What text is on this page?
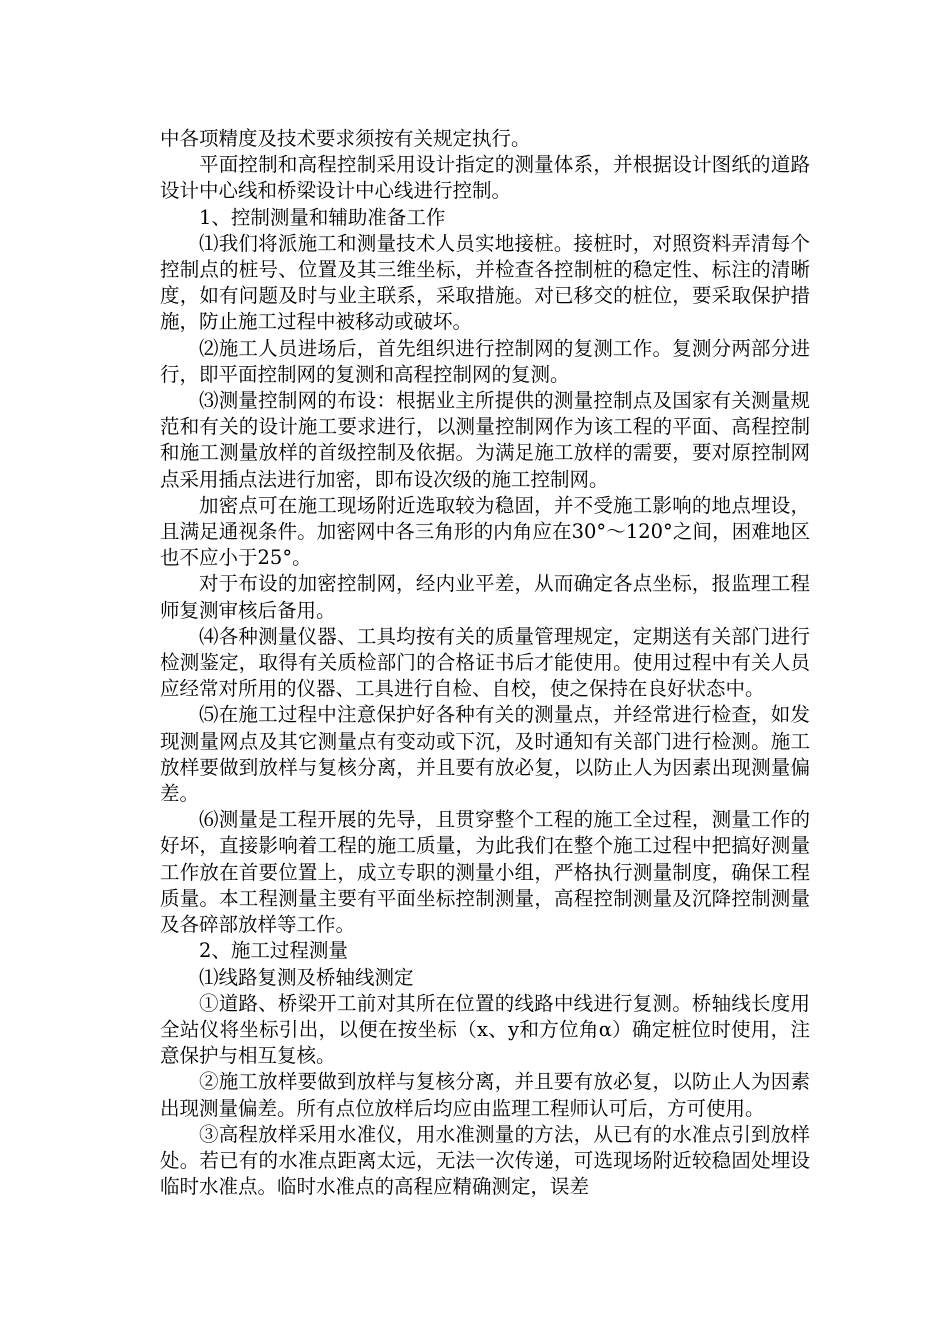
中各项精度及技术要求须按有关规定执行。

平面控制和高程控制采用设计指定的测量体系，并根据设计图纸的道路设计中心线和桥梁设计中心线进行控制。

1、控制测量和辅助准备工作

⑴我们将派施工和测量技术人员实地接桩。接桩时，对照资料弄清每个控制点的桩号、位置及其三维坐标，并检查各控制桩的稳定性、标注的清晰度，如有问题及时与业主联系，采取措施。对已移交的桩位，要采取保护措施，防止施工过程中被移动或破坏。

⑵施工人员进场后，首先组织进行控制网的复测工作。复测分两部分进行，即平面控制网的复测和高程控制网的复测。

⑶测量控制网的布设：根据业主所提供的测量控制点及国家有关测量规范和有关的设计施工要求进行，以测量控制网作为该工程的平面、高程控制和施工测量放样的首级控制及依据。为满足施工放样的需要，要对原控制网点采用插点法进行加密，即布设次级的施工控制网。

加密点可在施工现场附近选取较为稳固，并不受施工影响的地点埋设，且满足通视条件。加密网中各三角形的内角应在30°～120°之间，困难地区也不应小于25°。

对于布设的加密控制网，经内业平差，从而确定各点坐标，报监理工程师复测审核后备用。

⑷各种测量仪器、工具均按有关的质量管理规定，定期送有关部门进行检测鉴定，取得有关质检部门的合格证书后才能使用。使用过程中有关人员应经常对所用的仪器、工具进行自检、自校，使之保持在良好状态中。

⑸在施工过程中注意保护好各种有关的测量点，并经常进行检查，如发现测量网点及其它测量点有变动或下沉，及时通知有关部门进行检测。施工放样要做到放样与复核分离，并且要有放必复，以防止人为因素出现测量偏差。

⑹测量是工程开展的先导，且贯穿整个工程的施工全过程，测量工作的好坏，直接影响着工程的施工质量，为此我们在整个施工过程中把搞好测量工作放在首要位置上，成立专职的测量小组，严格执行测量制度，确保工程质量。本工程测量主要有平面坐标控制测量，高程控制测量及沉降控制测量及各碎部放样等工作。

2、施工过程测量

⑴线路复测及桥轴线测定

①道路、桥梁开工前对其所在位置的线路中线进行复测。桥轴线长度用全站仪将坐标引出，以便在按坐标（x、y和方位角α）确定桩位时使用，注意保护与相互复核。

②施工放样要做到放样与复核分离，并且要有放必复，以防止人为因素出现测量偏差。所有点位放样后均应由监理工程师认可后，方可使用。

③高程放样采用水准仪，用水准测量的方法，从已有的水准点引到放样处。若已有的水准点距离太远，无法一次传递，可选现场附近较稳固处埋设临时水准点。临时水准点的高程应精确测定，误差
